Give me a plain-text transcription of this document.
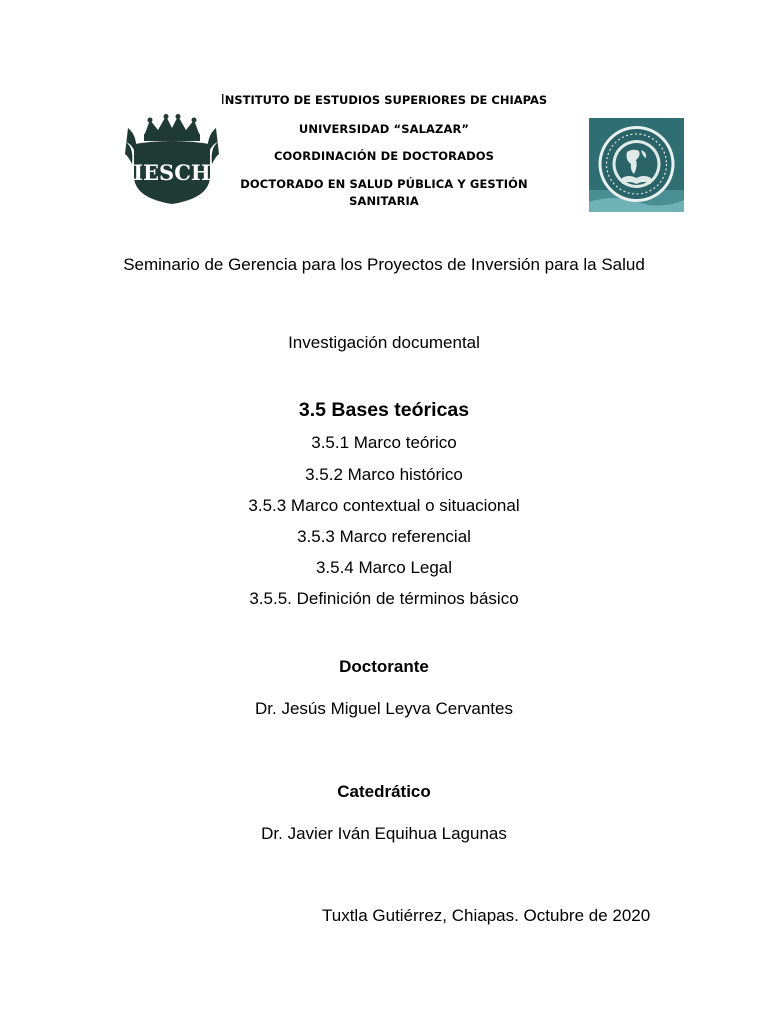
IESCH
INSTITUTO DE ESTUDIOS SUPERIORES DE CHIAPAS
UNIVERSIDAD “SALAZAR”
COORDINACIÓN DE DOCTORADOS
DOCTORADO EN SALUD PÚBLICA Y GESTIÓN
SANITARIA
Seminario de Gerencia para los Proyectos de Inversión para la Salud
Investigación documental
3.5 Bases teóricas
3.5.1 Marco teórico
3.5.2 Marco histórico
3.5.3 Marco contextual o situacional
3.5.3 Marco referencial
3.5.4 Marco Legal
3.5.5. Definición de términos básico
Doctorante
Dr. Jesús Miguel Leyva Cervantes
Catedrático
Dr. Javier Iván Equihua Lagunas
Tuxtla Gutiérrez, Chiapas. Octubre de 2020
